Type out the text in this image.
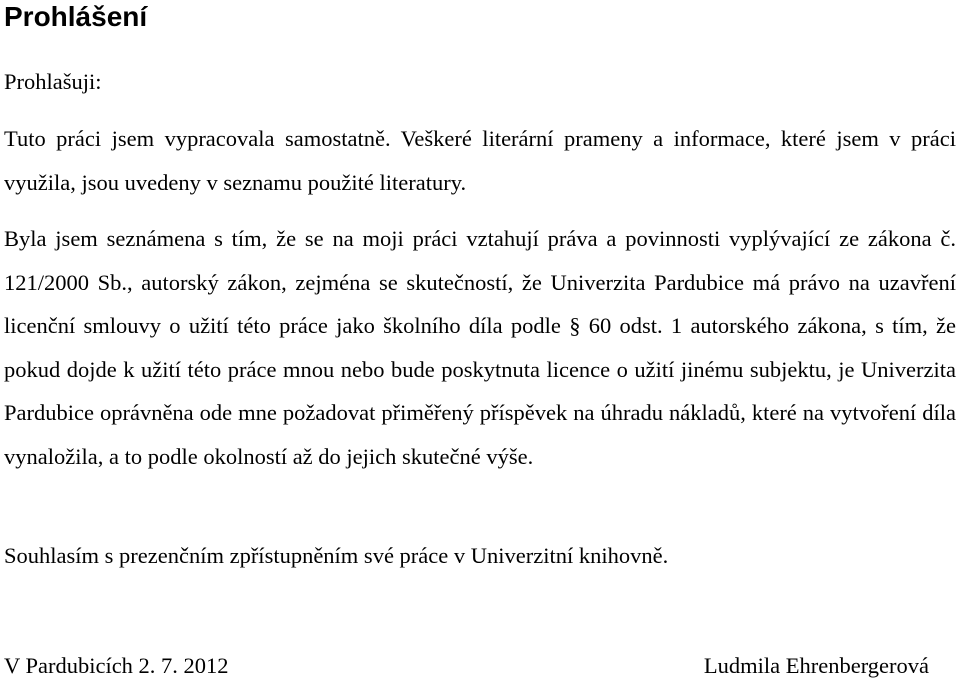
Prohlášení

Prohlašuji:

Tuto práci jsem vypracovala samostatně. Veškeré literární prameny a informace, které jsem v práci využila, jsou uvedeny v seznamu použité literatury.

Byla jsem seznámena s tím, že se na moji práci vztahují práva a povinnosti vyplývající ze zákona č. 121/2000 Sb., autorský zákon, zejména se skutečností, že Univerzita Pardubice má právo na uzavření licenční smlouvy o užití této práce jako školního díla podle § 60 odst. 1 autorského zákona, s tím, že pokud dojde k užití této práce mnou nebo bude poskytnuta licence o užití jinému subjektu, je Univerzita Pardubice oprávněna ode mne požadovat přiměřený příspěvek na úhradu nákladů, které na vytvoření díla vynaložila, a to podle okolností až do jejich skutečné výše.

Souhlasím s prezenčním zpřístupněním své práce v Univerzitní knihovně.

V Pardubicích 2. 7. 2012	Ludmila Ehrenbergerová
